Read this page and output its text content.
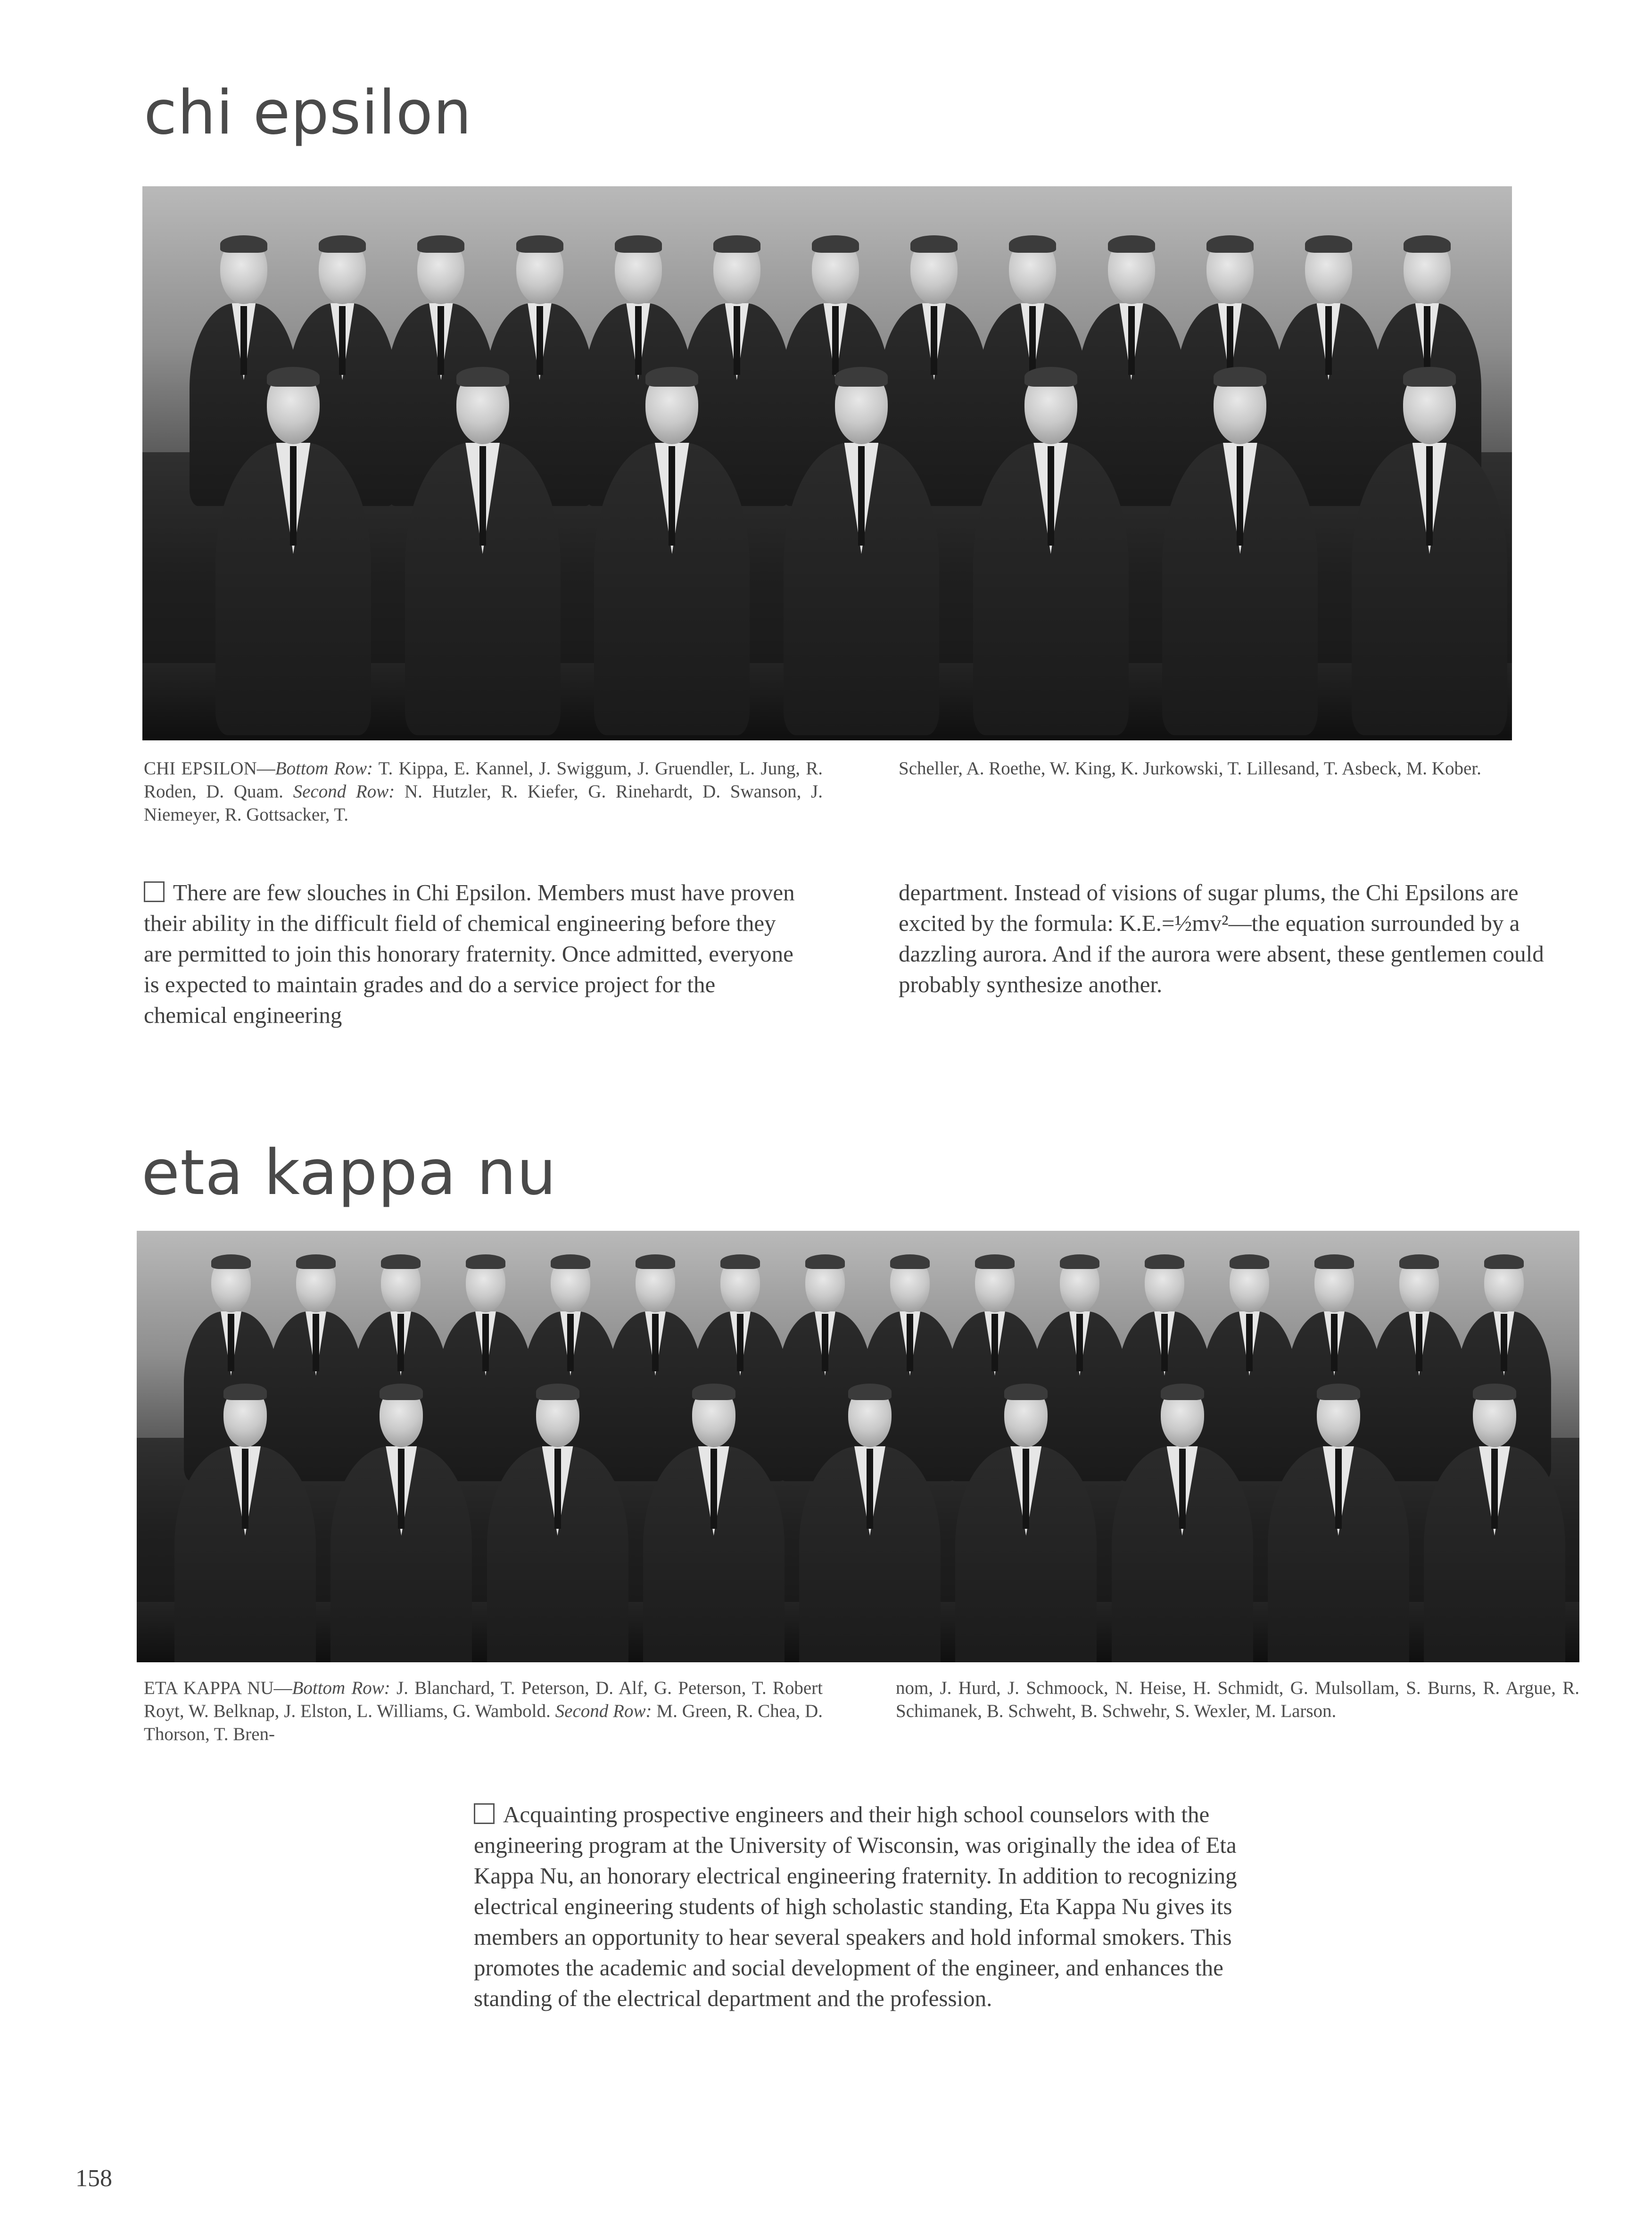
chi epsilon
CHI EPSILON—Bottom Row: T. Kippa, E. Kannel, J. Swiggum, J. Gruendler, L. Jung, R. Roden, D. Quam. Second Row: N. Hutzler, R. Kiefer, G. Rinehardt, D. Swanson, J. Niemeyer, R. Gottsacker, T.

Scheller, A. Roethe, W. King, K. Jurkowski, T. Lillesand, T. Asbeck, M. Kober.

There are few slouches in Chi Epsilon. Members must have proven their ability in the difficult field of chemical engineering before they are permitted to join this honorary fraternity. Once admitted, everyone is expected to maintain grades and do a service project for the chemical engineering

department. Instead of visions of sugar plums, the Chi Epsilons are excited by the formula: K.E.=½mv²—the equation surrounded by a dazzling aurora. And if the aurora were absent, these gentlemen could probably synthesize another.

eta kappa nu
ETA KAPPA NU—Bottom Row: J. Blanchard, T. Peterson, D. Alf, G. Peterson, T. Robert Royt, W. Belknap, J. Elston, L. Williams, G. Wambold. Second Row: M. Green, R. Chea, D. Thorson, T. Bren-

nom, J. Hurd, J. Schmoock, N. Heise, H. Schmidt, G. Mulsollam, S. Burns, R. Argue, R. Schimanek, B. Schweht, B. Schwehr, S. Wexler, M. Larson.

Acquainting prospective engineers and their high school counselors with the engineering program at the University of Wisconsin, was originally the idea of Eta Kappa Nu, an honorary electrical engineering fraternity. In addition to recognizing electrical engineering students of high scholastic standing, Eta Kappa Nu gives its members an opportunity to hear several speakers and hold informal smokers. This promotes the academic and social development of the engineer, and enhances the standing of the electrical department and the profession.
158
